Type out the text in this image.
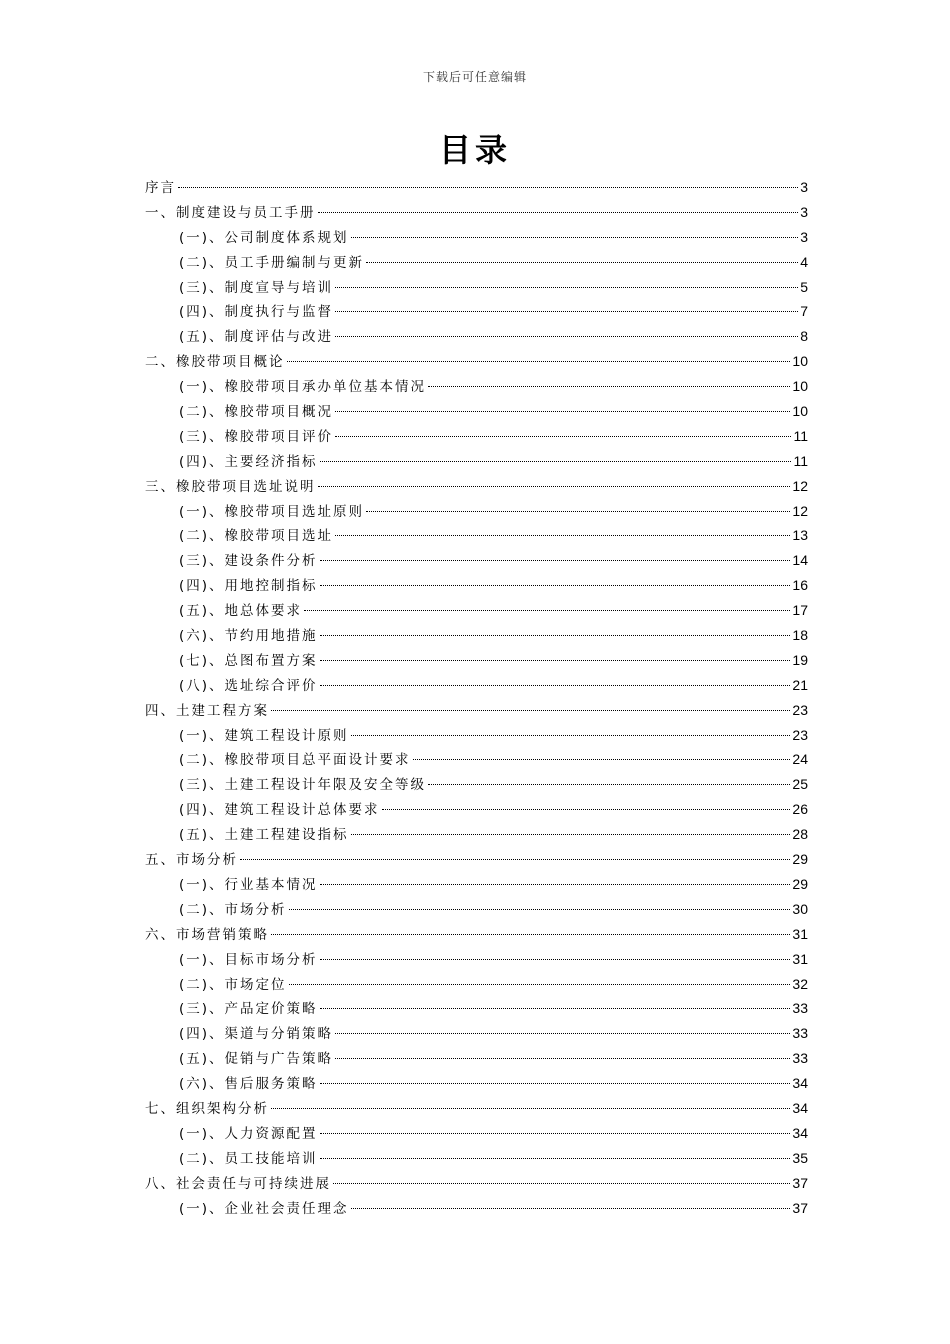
下载后可任意编辑
目录
序言	3
一、制度建设与员工手册	3
(一)、公司制度体系规划	3
(二)、员工手册编制与更新	4
(三)、制度宣导与培训	5
(四)、制度执行与监督	7
(五)、制度评估与改进	8
二、橡胶带项目概论	10
(一)、橡胶带项目承办单位基本情况	10
(二)、橡胶带项目概况	10
(三)、橡胶带项目评价	11
(四)、主要经济指标	11
三、橡胶带项目选址说明	12
(一)、橡胶带项目选址原则	12
(二)、橡胶带项目选址	13
(三)、建设条件分析	14
(四)、用地控制指标	16
(五)、地总体要求	17
(六)、节约用地措施	18
(七)、总图布置方案	19
(八)、选址综合评价	21
四、土建工程方案	23
(一)、建筑工程设计原则	23
(二)、橡胶带项目总平面设计要求	24
(三)、土建工程设计年限及安全等级	25
(四)、建筑工程设计总体要求	26
(五)、土建工程建设指标	28
五、市场分析	29
(一)、行业基本情况	29
(二)、市场分析	30
六、市场营销策略	31
(一)、目标市场分析	31
(二)、市场定位	32
(三)、产品定价策略	33
(四)、渠道与分销策略	33
(五)、促销与广告策略	33
(六)、售后服务策略	34
七、组织架构分析	34
(一)、人力资源配置	34
(二)、员工技能培训	35
八、社会责任与可持续进展	37
(一)、企业社会责任理念	37
